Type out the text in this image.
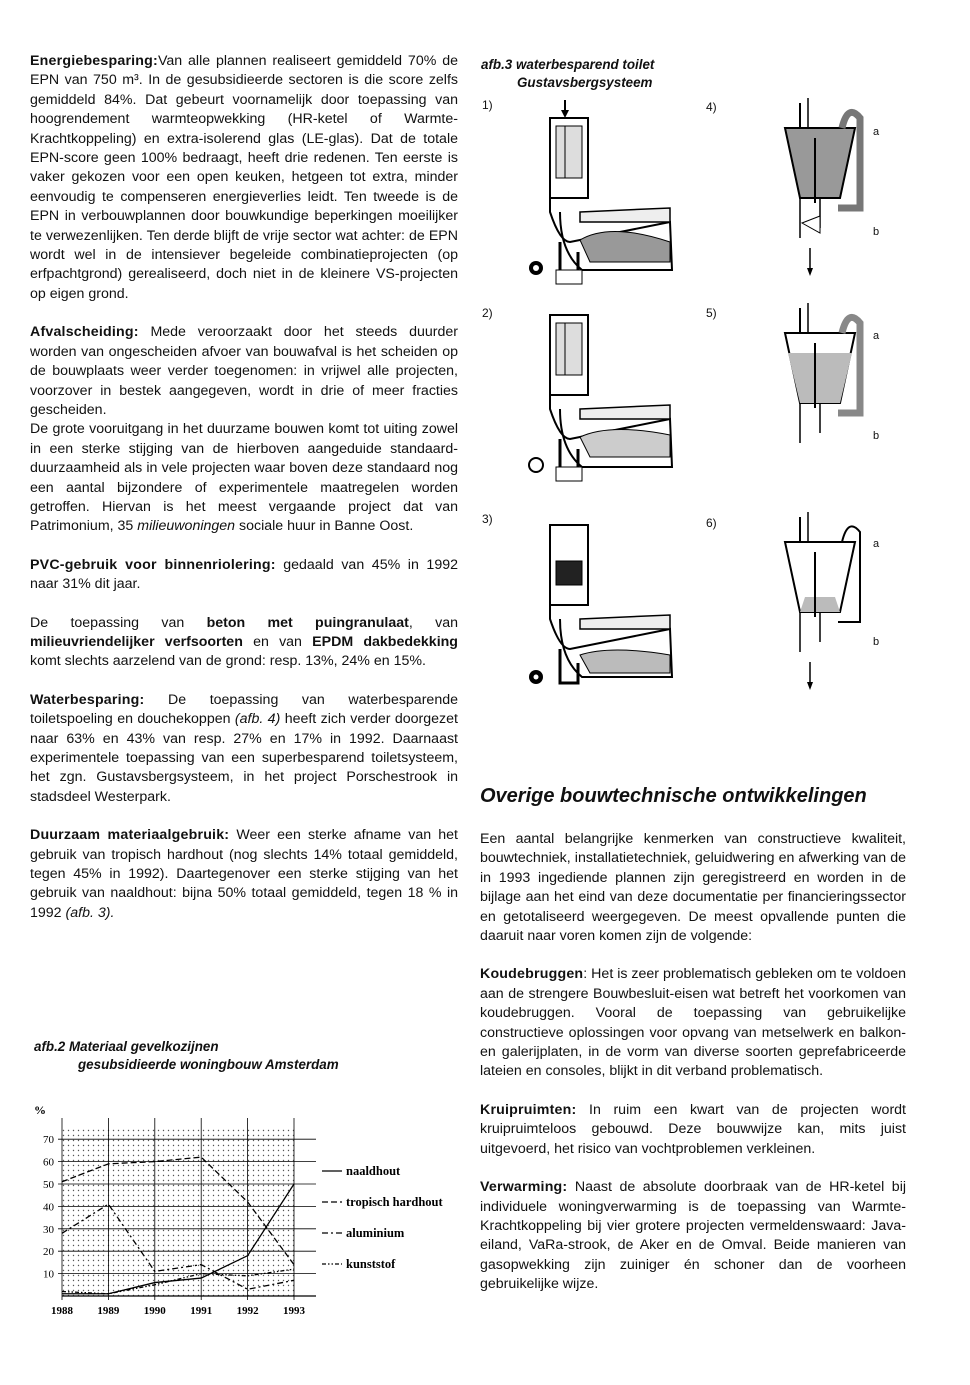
Energiebesparing:Van alle plannen realiseert gemiddeld 70% de EPN van 750 m³. In de gesubsidieerde sectoren is die score zelfs gemiddeld 84%. Dat gebeurt voornamelijk door toepassing van hoogrendement warmteopwekking (HR-ketel of Warmte-Krachtkoppeling) en extra-isolerend glas (LE-glas). Dat de totale EPN-score geen 100% bedraagt, heeft drie redenen. Ten eerste is vaker gekozen voor een open keuken, hetgeen tot extra, minder eenvoudig te compenseren energieverlies leidt. Ten tweede is de EPN in verbouwplannen door bouwkundige beperkingen moeilijker te verwezenlijken. Ten derde blijft de vrije sector wat achter: de EPN wordt wel in de intensiever begeleide combinatieprojecten (op erfpachtgrond) gerealiseerd, doch niet in de kleinere VS-projecten op eigen grond.

Afvalscheiding: Mede veroorzaakt door het steeds duurder worden van ongescheiden afvoer van bouwafval is het scheiden op de bouwplaats weer verder toegenomen: in vrijwel alle projecten, voorzover in bestek aangegeven, wordt in drie of meer fracties gescheiden.

De grote vooruitgang in het duurzame bouwen komt tot uiting zowel in een sterke stijging van de hierboven aangeduide standaard-duurzaamheid als in vele projecten waar boven deze standaard nog een aantal bijzondere of experimentele maatregelen worden getroffen. Hiervan is het meest vergaande project dat van Patrimonium, 35 milieuwoningen sociale huur in Banne Oost.

PVC-gebruik voor binnenriolering: gedaald van 45% in 1992 naar 31% dit jaar.

De toepassing van beton met puingranulaat, van milieuvriendelijker verfsoorten en van EPDM dakbedekking komt slechts aarzelend van de grond: resp. 13%, 24% en 15%.

Waterbesparing: De toepassing van waterbesparende toiletspoeling en douchekoppen (afb. 4) heeft zich verder doorgezet naar 63% en 43% van resp. 27% en 17% in 1992. Daarnaast experimentele toepassing van een superbesparend toiletsysteem, het zgn. Gustavsbergsysteem, in het project Porschestrook in stadsdeel Westerpark.

Duurzaam materiaalgebruik: Weer een sterke afname van het gebruik van tropisch hardhout (nog slechts 14% totaal gemiddeld, tegen 45% in 1992). Daartegenover een sterke stijging van het gebruik van naaldhout: bijna 50% totaal gemiddeld, tegen 18 % in 1992 (afb. 3).

afb.2 Materiaal gevelkozijnen
gesubsidieerde woningbouw Amsterdam
%
10
20
30
40
50
60
70
1988 1989 1990 1991 1992 1993
naaldhout
tropisch hardhout
aluminium
kunststof
afb.3 waterbesparend toilet
Gustavsbergsysteem
1)
2)
3)
4)
5)
6)
a
b
a
b
a
b
Overige bouwtechnische ontwikkelingen

Een aantal belangrijke kenmerken van constructieve kwaliteit, bouwtechniek, installatietechniek, geluidwering en afwerking van de in 1993 ingediende plannen zijn geregistreerd en worden in de bijlage aan het eind van deze documentatie per financieringssector en getotaliseerd weergegeven. De meest opvallende punten die daaruit naar voren komen zijn de volgende:

Koudebruggen: Het is zeer problematisch gebleken om te voldoen aan de strengere Bouwbesluit-eisen wat betreft het voorkomen van koudebruggen. Vooral de toepassing van gebruikelijke constructieve oplossingen voor opvang van metselwerk en balkon- en galerijplaten, in de vorm van diverse soorten geprefabriceerde lateien en consoles, blijkt in dit verband problematisch.

Kruipruimten: In ruim een kwart van de projecten wordt kruipruimteloos gebouwd. Deze bouwwijze kan, mits juist uitgevoerd, het risico van vochtproblemen verkleinen.

Verwarming: Naast de absolute doorbraak van de HR-ketel bij individuele woningverwarming is de toepassing van Warmte-Krachtkoppeling bij vier grotere projecten vermeldenswaard: Java-eiland, VaRa-strook, de Aker en de Omval. Beide manieren van gasopwekking zijn zuiniger én schoner dan de voorheen gebruikelijke wijze.
